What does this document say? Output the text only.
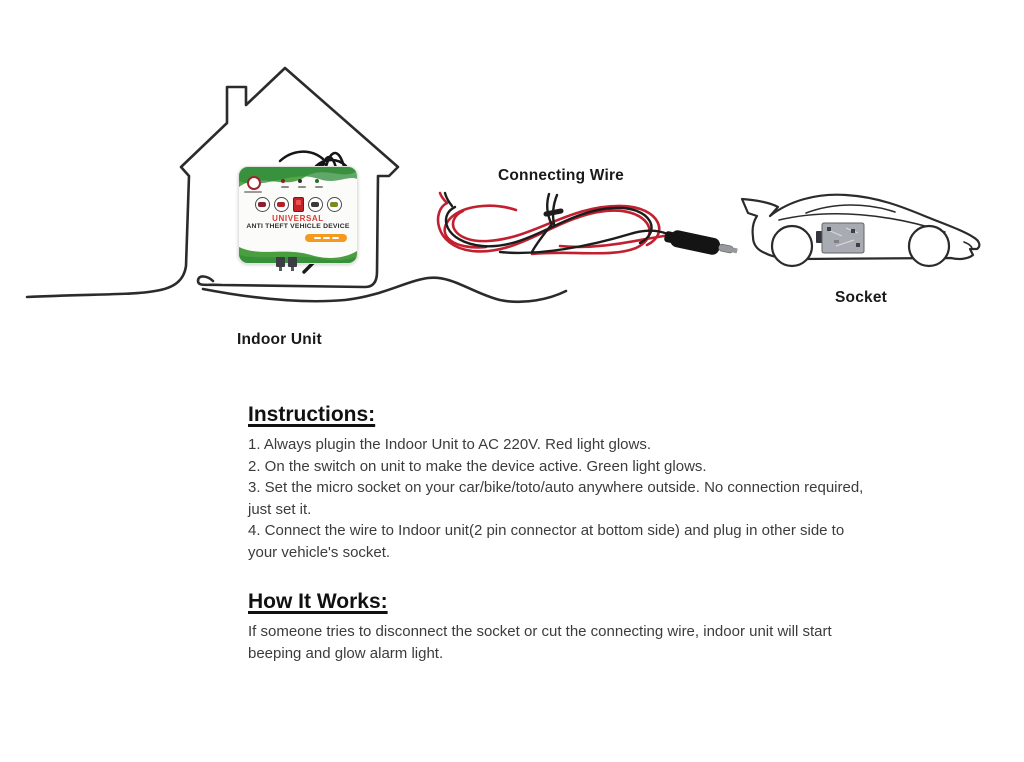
UNIVERSAL
ANTI THEFT VEHICLE DEVICE
Connecting Wire
Indoor Unit
Socket
Instructions:
1. Always plugin the Indoor Unit to AC 220V. Red light glows.
2. On the switch on unit to make the device active. Green light glows.
3. Set the micro socket on your car/bike/toto/auto anywhere outside. No connection required, just set it.
4. Connect the wire to Indoor unit(2 pin connector at bottom side) and plug in other side to your vehicle's socket.
How It Works:

If someone tries to disconnect the socket or cut the connecting wire, indoor unit will start beeping and glow alarm light.
